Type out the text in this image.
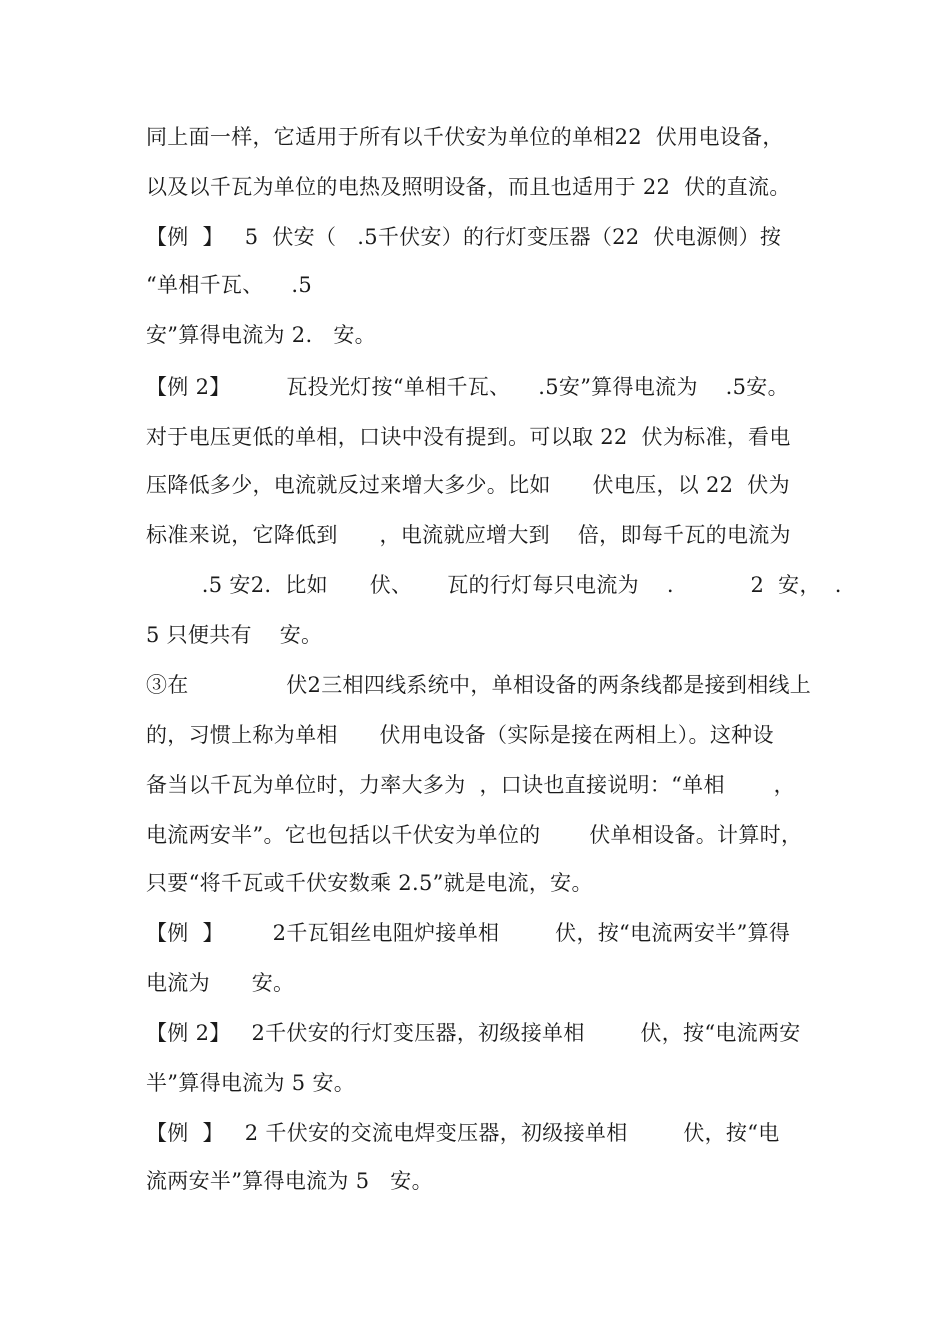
同上面一样，它适用于所有以千伏安为单位的单相22  伏用电设备，
以及以千瓦为单位的电热及照明设备，而且也适用于 22  伏的直流。
【例  】   5  伏安（   .5千伏安）的行灯变压器（22  伏电源侧）按
“单相千瓦、    .5
安”算得电流为 2.   安。
【例 2】        瓦投光灯按“单相千瓦、    .5安”算得电流为    .5安。
对于电压更低的单相，口诀中没有提到。可以取 22  伏为标准，看电
压降低多少，电流就反过来增大多少。比如      伏电压，以 22  伏为
标准来说，它降低到      ，电流就应增大到    倍，即每千瓦的电流为
.5 安2.  比如      伏、     瓦的行灯每只电流为    .           2  安，  .
5 只便共有    安。
③在              伏2三相四线系统中，单相设备的两条线都是接到相线上
的，习惯上称为单相      伏用电设备（实际是接在两相上）。这种设
备当以千瓦为单位时，力率大多为  ，口诀也直接说明：“单相       ，
电流两安半”。它也包括以千伏安为单位的       伏单相设备。计算时，
只要“将千瓦或千伏安数乘 2.5”就是电流，安。
【例  】       2千瓦钼丝电阻炉接单相        伏，按“电流两安半”算得
电流为      安。
【例 2】   2千伏安的行灯变压器，初级接单相        伏，按“电流两安
半”算得电流为 5 安。
【例  】   2 千伏安的交流电焊变压器，初级接单相        伏，按“电
流两安半”算得电流为 5   安。
